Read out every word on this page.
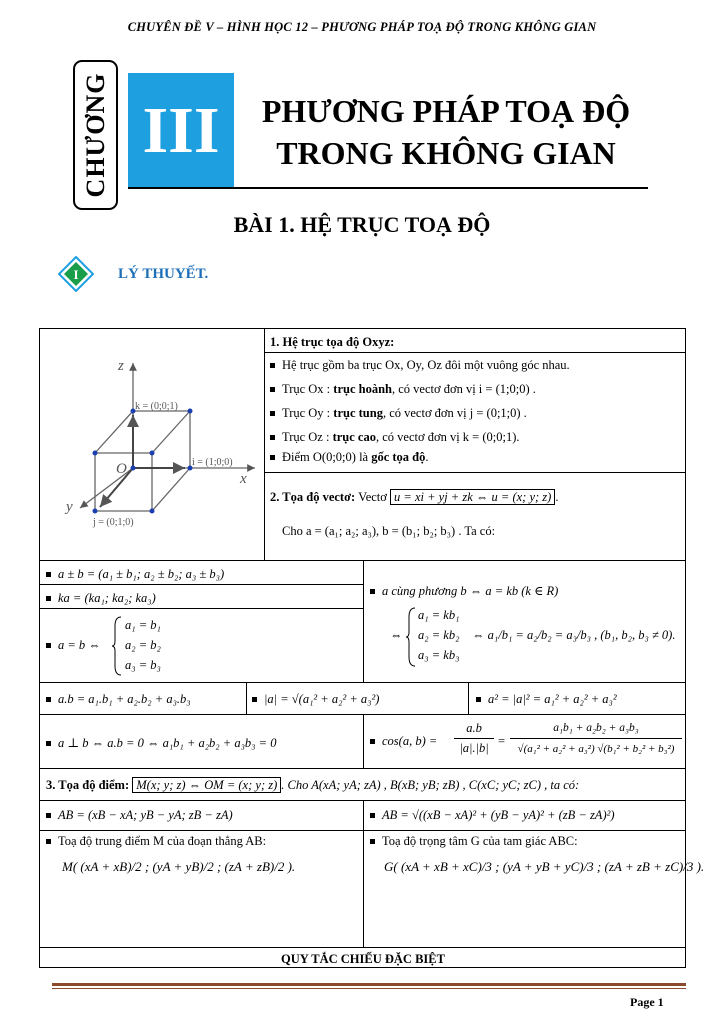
CHUYÊN ĐỀ V – HÌNH HỌC 12 – PHƯƠNG PHÁP TOẠ ĐỘ TRONG KHÔNG GIAN
CHƯƠNG III	PHƯƠNG PHÁP TOẠ ĐỘ
TRONG KHÔNG GIAN
BÀI 1. HỆ TRỤC TOẠ ĐỘ
I	LÝ THUYẾT.
k = (0;0;1)
i = (1;0;0)
j = (0;1;0)
z
x
y
O
1. Hệ trục tọa độ Oxyz:
Hệ trục gồm ba trục Ox, Oy, Oz đôi một vuông góc nhau.
Trục Ox : trục hoành, có vectơ đơn vị i = (1;0;0) .
Trục Oy : trục tung, có vectơ đơn vị j = (0;1;0) .
Trục Oz : trục cao, có vectơ đơn vị k = (0;0;1).
Điểm O(0;0;0) là gốc tọa độ.
2. Tọa độ vectơ: Vectơ u = xi + yj + zk ⇔ u = (x; y; z) .
Cho a = (a₁; a₂; a₃), b = (b₁; b₂; b₃) . Ta có:
a ± b = (a₁ ± b₁; a₂ ± b₂; a₃ ± b₃)
ka = (ka₁; ka₂; ka₃)
a = b ⇔
a₁ = b₁
a₂ = b₂
a₃ = b₃
a cùng phương b ⇔ a = kb (k ∈ R)
⇔
a₁ = kb₁
a₂ = kb₂
a₃ = kb₃
⇔ a₁/b₁ = a₂/b₂ = a₃/b₃ , (b₁, b₂, b₃ ≠ 0).
a.b = a₁.b₁ + a₂.b₂ + a₃.b₃	|a| = √(a₁² + a₂² + a₃²)	a² = |a|² = a₁² + a₂² + a₃²
a ⊥ b ⇔ a.b = 0 ⇔ a₁b₁ + a₂b₂ + a₃b₃ = 0	cos(a, b) =
a.b
|a|.|b| =
a₁b₁ + a₂b₂ + a₃b₃
√(a₁² + a₂² + a₃²) √(b₁² + b₂² + b₃²)
3. Tọa độ điểm: M(x; y; z) ⇔ OM = (x; y; z) . Cho A(xA; yA; zA) , B(xB; yB; zB) , C(xC; yC; zC) , ta có:
AB = (xB − xA; yB − yA; zB − zA)	AB = √((xB − xA)² + (yB − yA)² + (zB − zA)²)
Toạ độ trung điểm M của đoạn thẳng AB:
M( (xA + xB)/2 ; (yA + yB)/2 ; (zA + zB)/2 ).
Toạ độ trọng tâm G của tam giác ABC:
G( (xA + xB + xC)/3 ; (yA + yB + yC)/3 ; (zA + zB + zC)/3 ).
QUY TẮC CHIẾU ĐẶC BIỆT
Page 1
